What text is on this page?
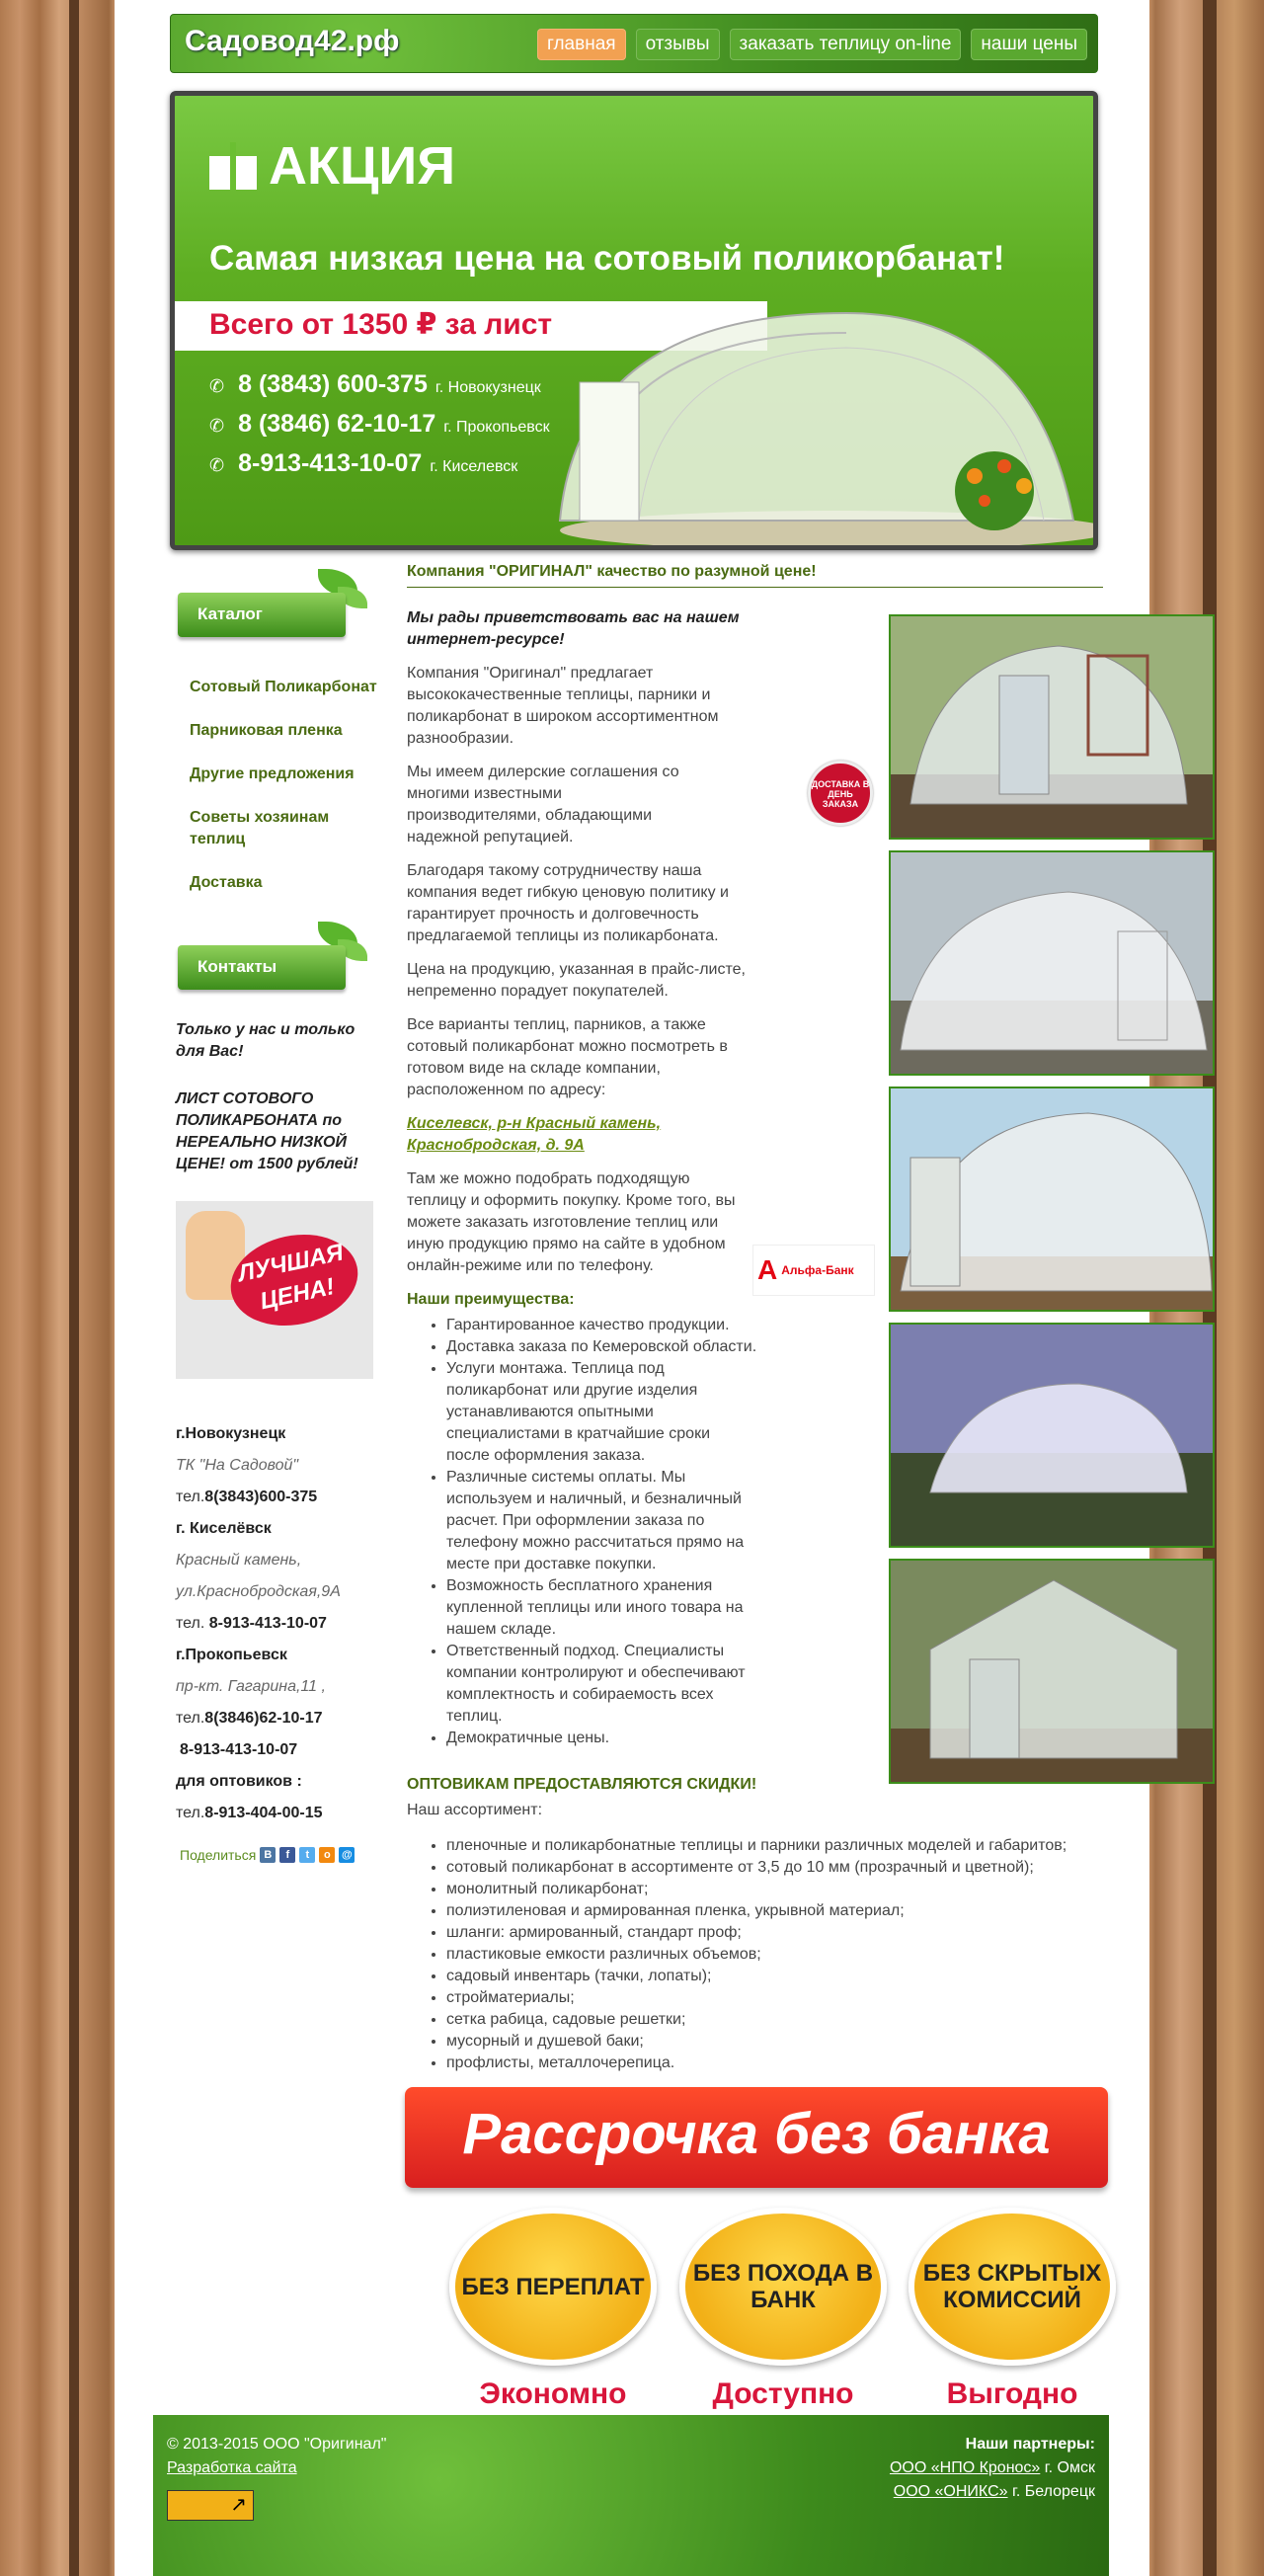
Садовод42.рф	главная	отзывы	заказать теплицу on-line	наши цены
АКЦИЯ
Самая низкая цена на сотовый поликорбанат!
Всего от 1350 ₽ за лист
✆ 8 (3843) 600-375 г. Новокузнецк
✆ 8 (3846) 62-10-17 г. Прокопьевск
✆ 8-913-413-10-07 г. Киселевск
Каталог
Сотовый Поликарбонат
Парниковая пленка
Другие предложения
Советы хозяинам теплиц
Доставка
Контакты
Только у нас и только для Вас!
ЛИСТ СОТОВОГО ПОЛИКАРБОНАТА по НЕРЕАЛЬНО НИЗКОЙ ЦЕНЕ! от 1500 рублей!
ЛУЧШАЯ ЦЕНА!
г.Новокузнецк
ТК "На Садовой"
тел.8(3843)600-375
г. Киселёвск
Красный камень,
ул.Краснобродская,9А
тел. 8-913-413-10-07
г.Прокопьевск
пр-кт. Гагарина,11 ,
тел.8(3846)62-10-17
8-913-413-10-07
для оптовиков :
тел.8-913-404-00-15
Поделиться В	f	t	о	@
Компания "ОРИГИНАЛ" качество по разумной цене!

Мы рады приветствовать вас на нашем интернет-ресурсе!

Компания "Оригинал" предлагает высококачественные теплицы, парники и поликарбонат в широком ассортиментном разнообразии.

Мы имеем дилерские соглашения со многими известными производителями, обладающими надежной репутацией.

Благодаря такому сотрудничеству наша компания ведет гибкую ценовую политику и гарантирует прочность и долговечность предлагаемой теплицы из поликарбоната.

Цена на продукцию, указанная в прайс-листе, непременно порадует покупателей.

Все варианты теплиц, парников, а также сотовый поликарбонат можно посмотреть в готовом виде на складе компании, расположенном по адресу:

Киселевск, р-н Красный камень, Краснобродская, д. 9А

Там же можно подобрать подходящую теплицу и оформить покупку. Кроме того, вы можете заказать изготовление теплиц или иную продукцию прямо на сайте в удобном онлайн-режиме или по телефону.

Наши преимущества:
• Гарантированное качество продукции.
• Доставка заказа по Кемеровской области.
• Услуги монтажа. Теплица под поликарбонат или другие изделия устанавливаются опытными специалистами в кратчайшие сроки после оформления заказа.
• Различные системы оплаты. Мы используем и наличный, и безналичный расчет. При оформлении заказа по телефону можно рассчитаться прямо на месте при доставке покупки.
• Возможность бесплатного хранения купленной теплицы или иного товара на нашем складе.
• Ответственный подход. Специалисты компании контролируют и обеспечивают комплектность и собираемость всех теплиц.
• Демократичные цены.
ДОСТАВКА В ДЕНЬ ЗАКАЗА
А Альфа-Банк
ОПТОВИКАМ ПРЕДОСТАВЛЯЮТСЯ СКИДКИ!
Наш ассортимент:
• пленочные и поликарбонатные теплицы и парники различных моделей и габаритов;
• сотовый поликарбонат в ассортименте от 3,5 до 10 мм (прозрачный и цветной);
• монолитный поликарбонат;
• полиэтиленовая и армированная пленка, укрывной материал;
• шланги: армированный, стандарт проф;
• пластиковые емкости различных объемов;
• садовый инвентарь (тачки, лопаты);
• стройматериалы;
• сетка рабица, садовые решетки;
• мусорный и душевой баки;
• профлисты, металлочерепица.
Рассрочка без банка
БЕЗ ПЕРЕПЛАТ
Экономно
БЕЗ ПОХОДА В БАНК
Доступно
БЕЗ СКРЫТЫХ КОМИССИЙ
Выгодно
© 2013-2015 ООО "Оригинал"
Разработка сайта
↗
Наши партнеры:
ООО «НПО Кронос» г. Омск
ООО «ОНИКС» г. Белорецк
